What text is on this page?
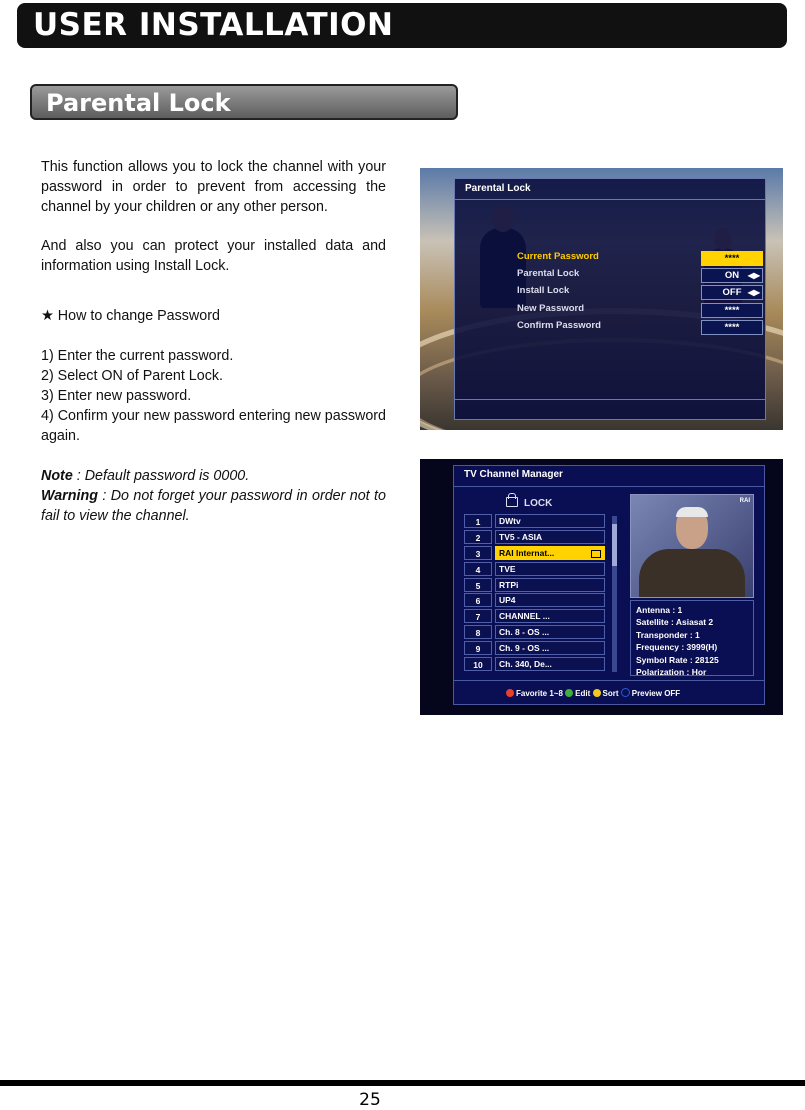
USER INSTALLATION
Parental Lock

This function allows you to lock the channel with your password in order to prevent from accessing the channel by your children or any other person.

And also you can protect your installed data and information using Install Lock.

★ How to change Password

1) Enter the current password.

2) Select ON of Parent Lock.

3) Enter new password.

4) Confirm your new password entering new password again.

Note : Default password is 0000.

Warning : Do not forget your password in order not to fail to view the channel.

Parental Lock
Current Password	****
Parental Lock	ON ◀▶
Install Lock	OFF ◀▶
New Password	****
Confirm Password	****
TV Channel Manager
LOCK
1	DWtv
2	TV5 - ASIA
3	RAI Internat...
4	TVE
5	RTPi
6	UP4
7	CHANNEL ...
8	Ch. 8 - OS ...
9	Ch. 9 - OS ...
10	Ch. 340, De...
RAI
Antenna : 1
Satellite : Asiasat 2
Transponder : 1
Frequency : 3999(H)
Symbol Rate : 28125
Polarization : Hor
Favorite 1~8 Edit Sort Preview OFF
25
